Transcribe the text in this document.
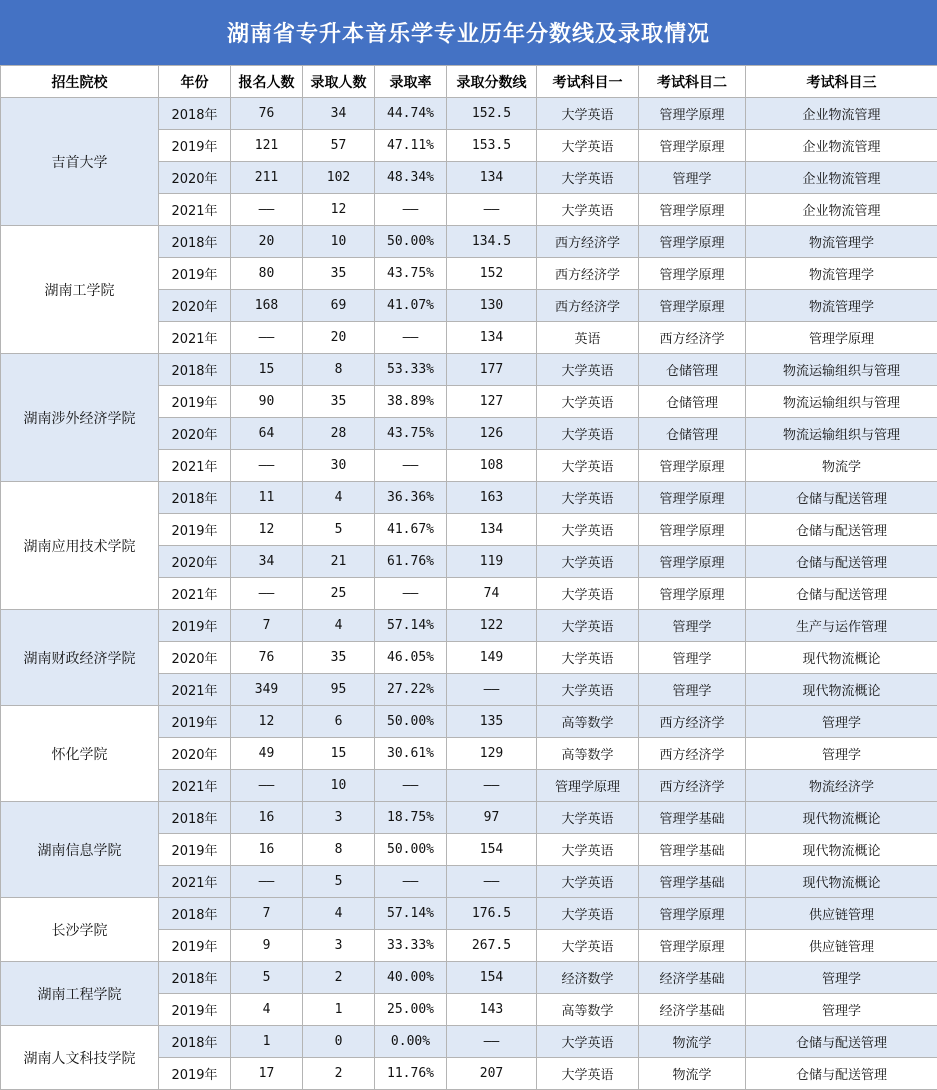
湖南省专升本音乐学专业历年分数线及录取情况
招生院校	年份	报名人数	录取人数	录取率	录取分数线	考试科目一	考试科目二	考试科目三
吉首大学	2018年	76	34	44.74%	152.5	大学英语	管理学原理	企业物流管理
	2019年	121	57	47.11%	153.5	大学英语	管理学原理	企业物流管理
	2020年	211	102	48.34%	134	大学英语	管理学	企业物流管理
	2021年	——	12	——	——	大学英语	管理学原理	企业物流管理
湖南工学院	2018年	20	10	50.00%	134.5	西方经济学	管理学原理	物流管理学
	2019年	80	35	43.75%	152	西方经济学	管理学原理	物流管理学
	2020年	168	69	41.07%	130	西方经济学	管理学原理	物流管理学
	2021年	——	20	——	134	英语	西方经济学	管理学原理
湖南涉外经济学院	2018年	15	8	53.33%	177	大学英语	仓储管理	物流运输组织与管理
	2019年	90	35	38.89%	127	大学英语	仓储管理	物流运输组织与管理
	2020年	64	28	43.75%	126	大学英语	仓储管理	物流运输组织与管理
	2021年	——	30	——	108	大学英语	管理学原理	物流学
湖南应用技术学院	2018年	11	4	36.36%	163	大学英语	管理学原理	仓储与配送管理
	2019年	12	5	41.67%	134	大学英语	管理学原理	仓储与配送管理
	2020年	34	21	61.76%	119	大学英语	管理学原理	仓储与配送管理
	2021年	——	25	——	74	大学英语	管理学原理	仓储与配送管理
湖南财政经济学院	2019年	7	4	57.14%	122	大学英语	管理学	生产与运作管理
	2020年	76	35	46.05%	149	大学英语	管理学	现代物流概论
	2021年	349	95	27.22%	——	大学英语	管理学	现代物流概论
怀化学院	2019年	12	6	50.00%	135	高等数学	西方经济学	管理学
	2020年	49	15	30.61%	129	高等数学	西方经济学	管理学
	2021年	——	10	——	——	管理学原理	西方经济学	物流经济学
湖南信息学院	2018年	16	3	18.75%	97	大学英语	管理学基础	现代物流概论
	2019年	16	8	50.00%	154	大学英语	管理学基础	现代物流概论
	2021年	——	5	——	——	大学英语	管理学基础	现代物流概论
长沙学院	2018年	7	4	57.14%	176.5	大学英语	管理学原理	供应链管理
	2019年	9	3	33.33%	267.5	大学英语	管理学原理	供应链管理
湖南工程学院	2018年	5	2	40.00%	154	经济数学	经济学基础	管理学
	2019年	4	1	25.00%	143	高等数学	经济学基础	管理学
湖南人文科技学院	2018年	1	0	0.00%	——	大学英语	物流学	仓储与配送管理
	2019年	17	2	11.76%	207	大学英语	物流学	仓储与配送管理
